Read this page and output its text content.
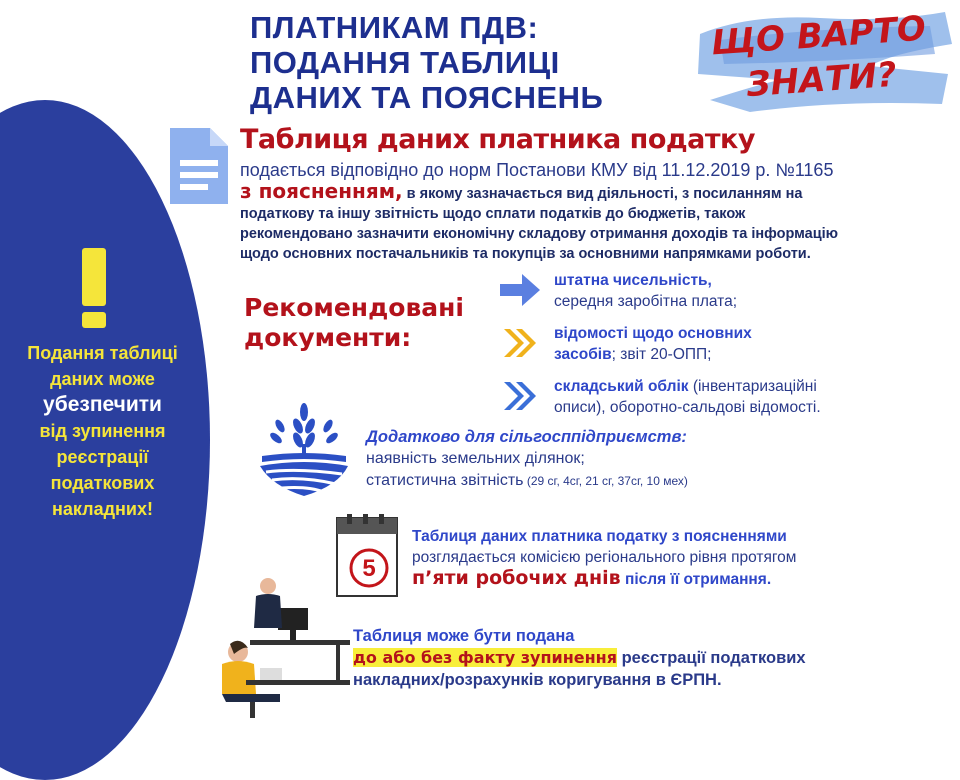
Подання таблиці
даних може
убезпечити
від зупинення
реєстрації
податкових
накладних!
ПЛАТНИКАМ ПДВ:
ПОДАННЯ ТАБЛИЦІ
ДАНИХ ТА ПОЯСНЕНЬ
ЩО ВАРТО
ЗНАТИ?
Таблиця даних платника податку
подається відповідно до норм Постанови КМУ від 11.12.2019 р. №1165
з поясненням, в якому зазначається вид діяльності, з посиланням на
податкову та іншу звітність щодо сплати податків до бюджетів, також
рекомендовано зазначити економічну складову отримання доходів та інформацію
щодо основних постачальників та покупців за основними напрямками роботи.
Рекомендовані
документи:
штатна чисельність,
середня заробітна плата;
відомості щодо основних
засобів; звіт 20-ОПП;
складський облік (інвентаризаційні
описи), оборотно-сальдові відомості.
Додатково для сільгосппідприємств:
наявність земельних ділянок;
статистична звітність (29 сг, 4сг, 21 сг, 37сг, 10 мех)
5
Таблиця даних платника податку з поясненнями
розглядається комісією регіонального рівня протягом
п’яти робочих днів після її отримання.
Таблиця може бути подана
до або без факту зупинення реєстрації податкових
накладних/розрахунків коригування в ЄРПН.
